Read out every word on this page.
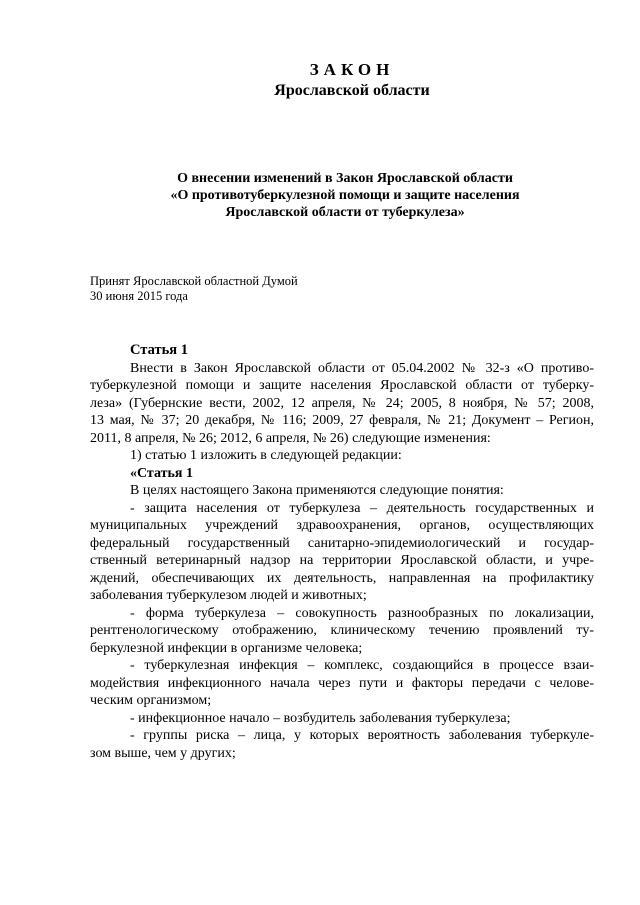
ЗАКОН
Ярославской области
О внесении изменений в Закон Ярославской области
«О противотуберкулезной помощи и защите населения
Ярославской области от туберкулеза»
Принят Ярославской областной Думой
30 июня 2015 года
Статья 1
Внести в Закон Ярославской области от 05.04.2002 № 32-з «О противо-
туберкулезной помощи и защите населения Ярославской области от туберку-
леза» (Губернские вести, 2002, 12 апреля, № 24; 2005, 8 ноября, № 57; 2008,
13 мая, № 37; 20 декабря, № 116; 2009, 27 февраля, № 21; Документ – Регион,
2011, 8 апреля, № 26; 2012, 6 апреля, № 26) следующие изменения:
1) статью 1 изложить в следующей редакции:
«Статья 1
В целях настоящего Закона применяются следующие понятия:
- защита населения от туберкулеза – деятельность государственных и
муниципальных учреждений здравоохранения, органов, осуществляющих
федеральный государственный санитарно-эпидемиологический и государ-
ственный ветеринарный надзор на территории Ярославской области, и учре-
ждений, обеспечивающих их деятельность, направленная на профилактику
заболевания туберкулезом людей и животных;
- форма туберкулеза – совокупность разнообразных по локализации,
рентгенологическому отображению, клиническому течению проявлений ту-
беркулезной инфекции в организме человека;
- туберкулезная инфекция – комплекс, создающийся в процессе взаи-
модействия инфекционного начала через пути и факторы передачи с челове-
ческим организмом;
- инфекционное начало – возбудитель заболевания туберкулеза;
- группы риска – лица, у которых вероятность заболевания туберкуле-
зом выше, чем у других;
